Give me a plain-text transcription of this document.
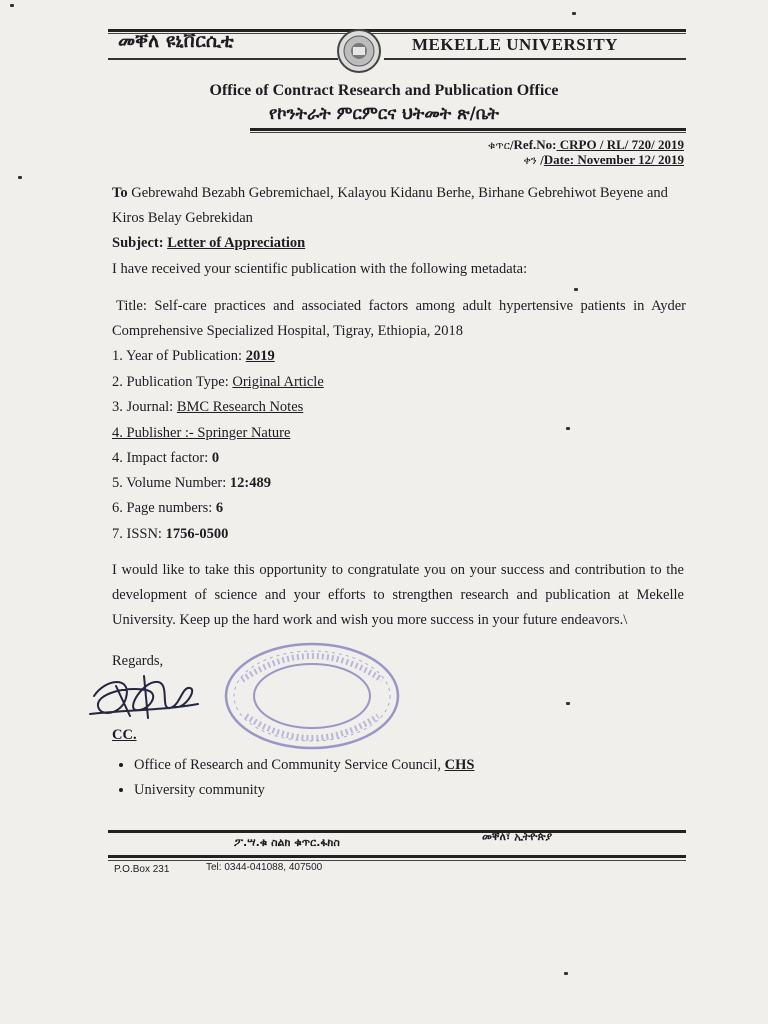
መቐለ ዩኒቨርሲቲ	MEKELLE UNIVERSITY
Office of Contract Research and Publication Office
የኮንትራት ምርምርና ህትመት ጽ/ቤት
ቁጥር/Ref.No: CRPO / RL/ 720/ 2019
ቀን /Date: November 12/ 2019
To Gebrewahd Bezabh Gebremichael, Kalayou Kidanu Berhe, Birhane Gebrehiwot Beyene and
Kiros Belay Gebrekidan
Subject: Letter of Appreciation
I have received your scientific publication with the following metadata:
Title: Self-care practices and associated factors among adult hypertensive patients in Ayder
Comprehensive Specialized Hospital, Tigray, Ethiopia, 2018
1. Year of Publication: 2019
2. Publication Type: Original Article
3. Journal: BMC Research Notes
4. Publisher :- Springer Nature
4. Impact factor: 0
5. Volume Number: 12:489
6. Page numbers: 6
7. ISSN: 1756-0500
I would like to take this opportunity to congratulate you on your success and contribution to the
development of science and your efforts to strengthen research and publication at Mekelle
University. Keep up the hard work and wish you more success in your future endeavors.\
Regards,
CC.
• Office of Research and Community Service Council, CHS
• University community
ፖ.ሣ.ቁ ስልክ ቁጥር.ፋክስ	መቐለ፣ ኢትዮጵያ
P.O.Box 231	Tel: 0344-041088, 407500
